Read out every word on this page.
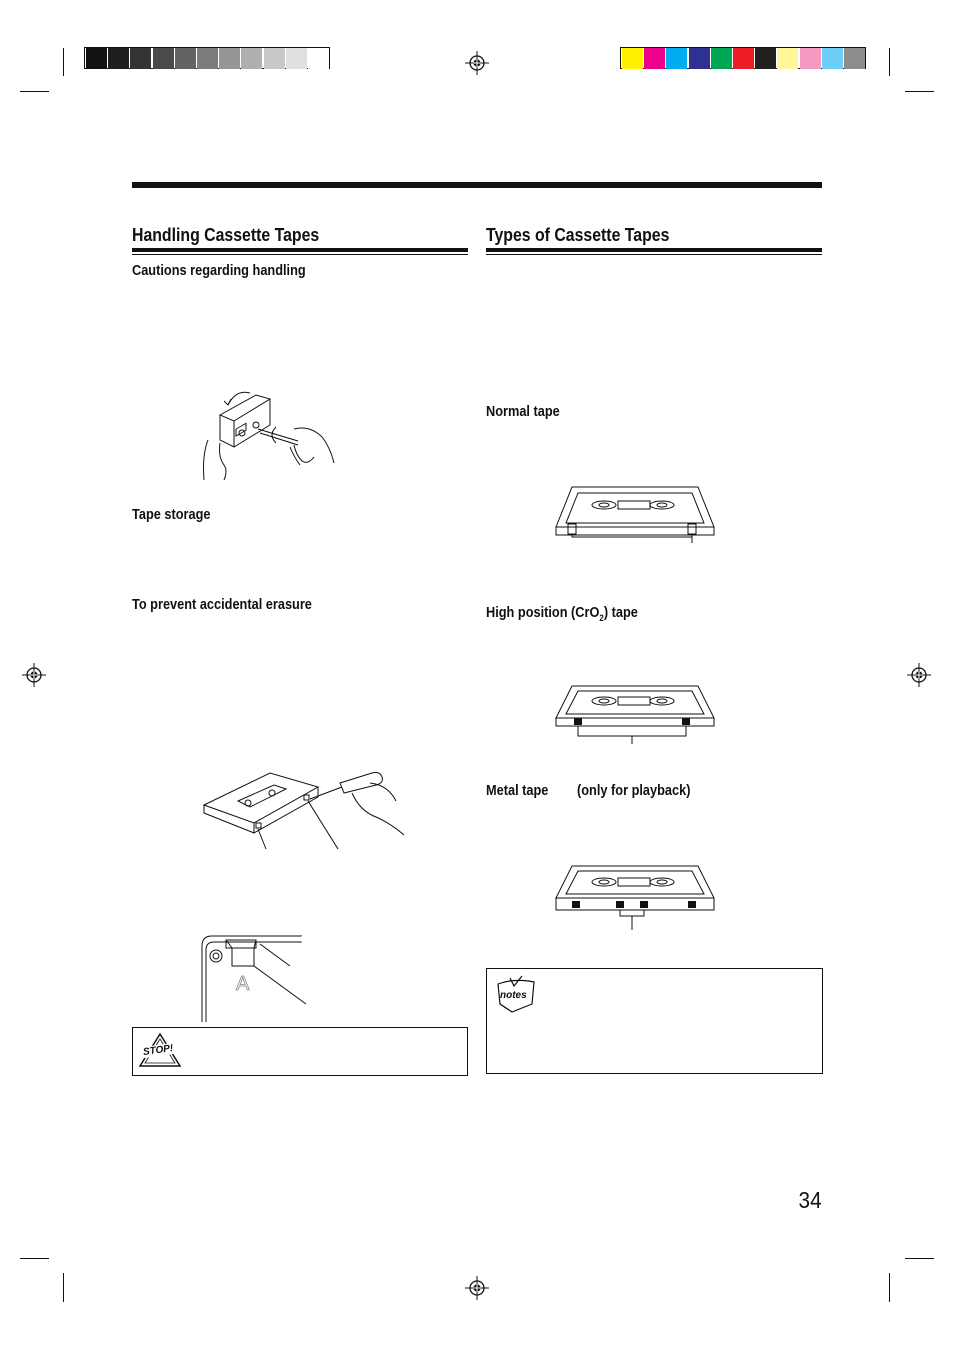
Handling Cassette Tapes
Cautions regarding handling
Tape storage
To prevent accidental erasure
A
STOP!
Types of Cassette Tapes
Normal tape
High position (CrO$_2$) tape
Metal tape (only for playback)
notes
34
